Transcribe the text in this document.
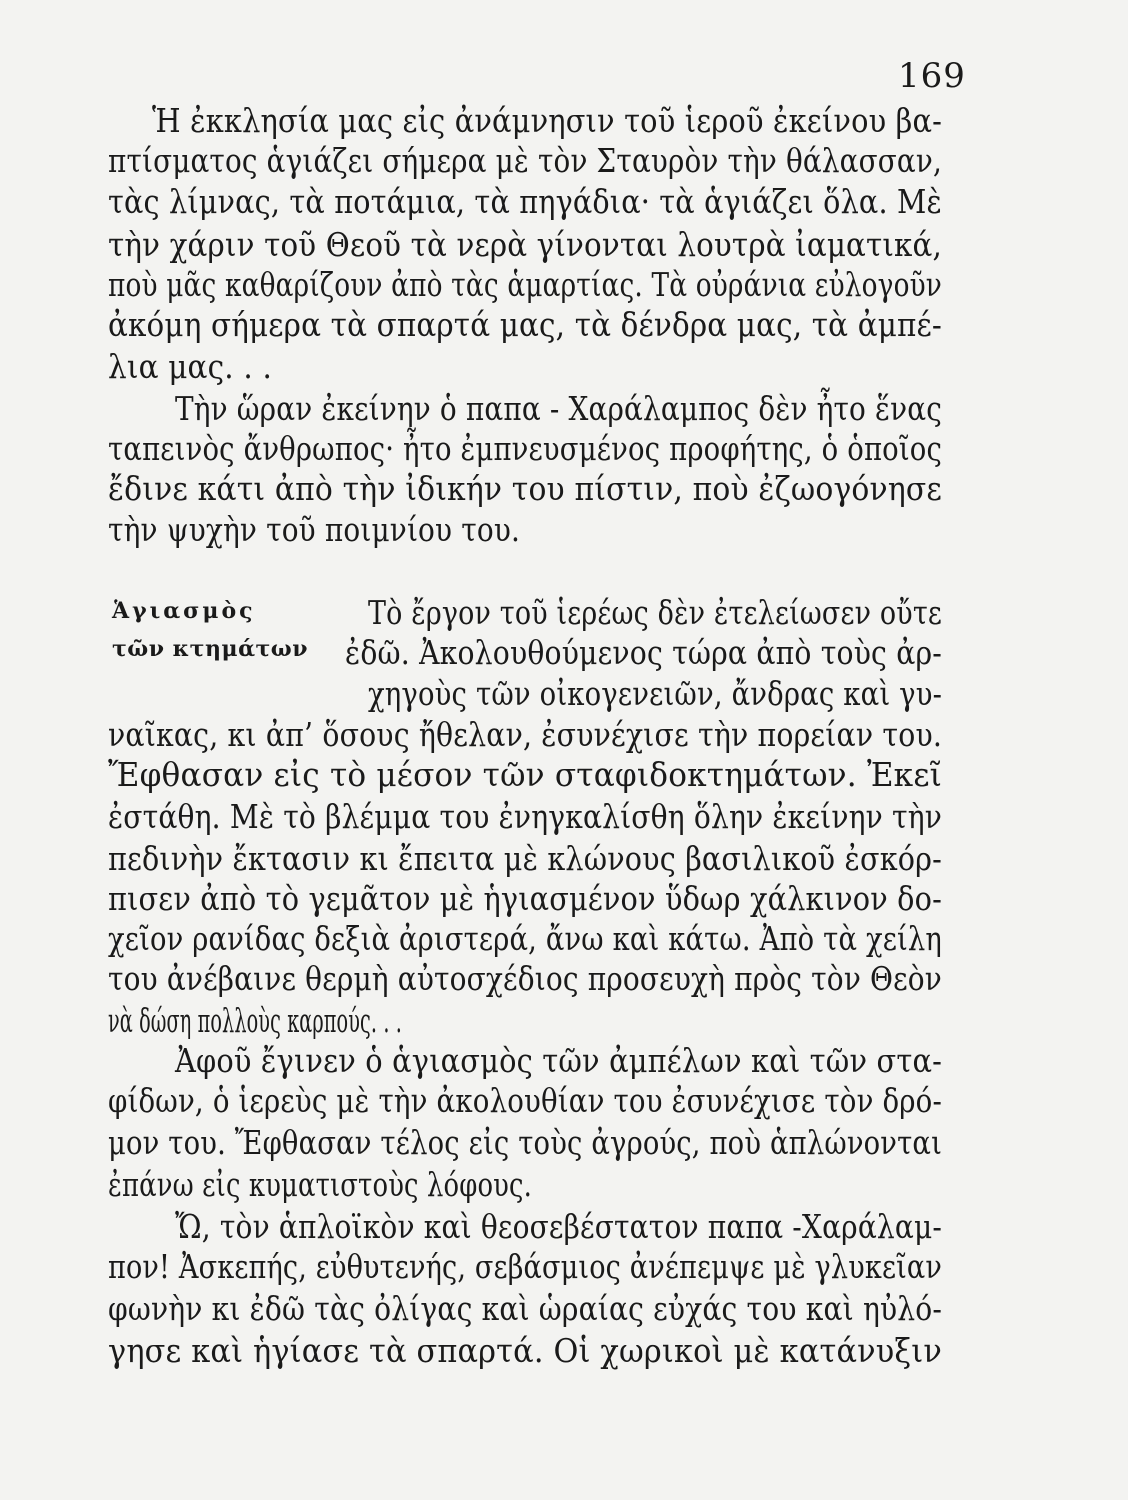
169
Ἁγιασμὸς
τῶν κτημάτων
Ἡ ἐκκλησία μας εἰς ἀνάμνησιν τοῦ ἱεροῦ ἐκείνου βα-
πτίσματος ἁγιάζει σήμερα μὲ τὸν Σταυρὸν τὴν θάλασσαν,
τὰς λίμνας, τὰ ποτάμια, τὰ πηγάδια· τὰ ἁγιάζει ὅλα. Μὲ
τὴν χάριν τοῦ Θεοῦ τὰ νερὰ γίνονται λουτρὰ ἰαματικά,
ποὺ μᾶς καθαρίζουν ἀπὸ τὰς ἁμαρτίας. Τὰ οὐράνια εὐλογοῦν
ἀκόμη σήμερα τὰ σπαρτά μας, τὰ δένδρα μας, τὰ ἀμπέ-
λια μας. . .
Τὴν ὥραν ἐκείνην ὁ παπα - Χαράλαμπος δὲν ἦτο ἕνας
ταπεινὸς ἄνθρωπος· ἦτο ἐμπνευσμένος προφήτης, ὁ ὁποῖος
ἔδινε κάτι ἀπὸ τὴν ἰδικήν του πίστιν, ποὺ ἐζωογόνησε
τὴν ψυχὴν τοῦ ποιμνίου του.
Τὸ ἔργον τοῦ ἱερέως δὲν ἐτελείωσεν οὔτε
ἐδῶ. Ἀκολουθούμενος τώρα ἀπὸ τοὺς ἀρ-
χηγοὺς τῶν οἰκογενειῶν, ἄνδρας καὶ γυ-
ναῖκας, κι ἀπ’ ὅσους ἤθελαν, ἐσυνέχισε τὴν πορείαν του.
Ἔφθασαν εἰς τὸ μέσον τῶν σταφιδοκτημάτων. Ἐκεῖ
ἐστάθη. Μὲ τὸ βλέμμα του ἐνηγκαλίσθη ὅλην ἐκείνην τὴν
πεδινὴν ἔκτασιν κι ἔπειτα μὲ κλώνους βασιλικοῦ ἐσκόρ-
πισεν ἀπὸ τὸ γεμᾶτον μὲ ἡγιασμένον ὕδωρ χάλκινον δο-
χεῖον ρανίδας δεξιὰ ἀριστερά, ἄνω καὶ κάτω. Ἀπὸ τὰ χείλη
του ἀνέβαινε θερμὴ αὐτοσχέδιος προσευχὴ πρὸς τὸν Θεὸν
νὰ δώση πολλοὺς καρπούς. . .
Ἀφοῦ ἔγινεν ὁ ἁγιασμὸς τῶν ἀμπέλων καὶ τῶν στα-
φίδων, ὁ ἱερεὺς μὲ τὴν ἀκολουθίαν του ἐσυνέχισε τὸν δρό-
μον του. Ἔφθασαν τέλος εἰς τοὺς ἀγρούς, ποὺ ἁπλώνονται
ἐπάνω εἰς κυματιστοὺς λόφους.
Ὤ, τὸν ἁπλοϊκὸν καὶ θεοσεβέστατον παπα -Χαράλαμ-
πον! Ἀσκεπής, εὐθυτενής, σεβάσμιος ἀνέπεμψε μὲ γλυκεῖαν
φωνὴν κι ἐδῶ τὰς ὀλίγας καὶ ὡραίας εὐχάς του καὶ ηὐλό-
γησε καὶ ἡγίασε τὰ σπαρτά. Οἱ χωρικοὶ μὲ κατάνυξιν
